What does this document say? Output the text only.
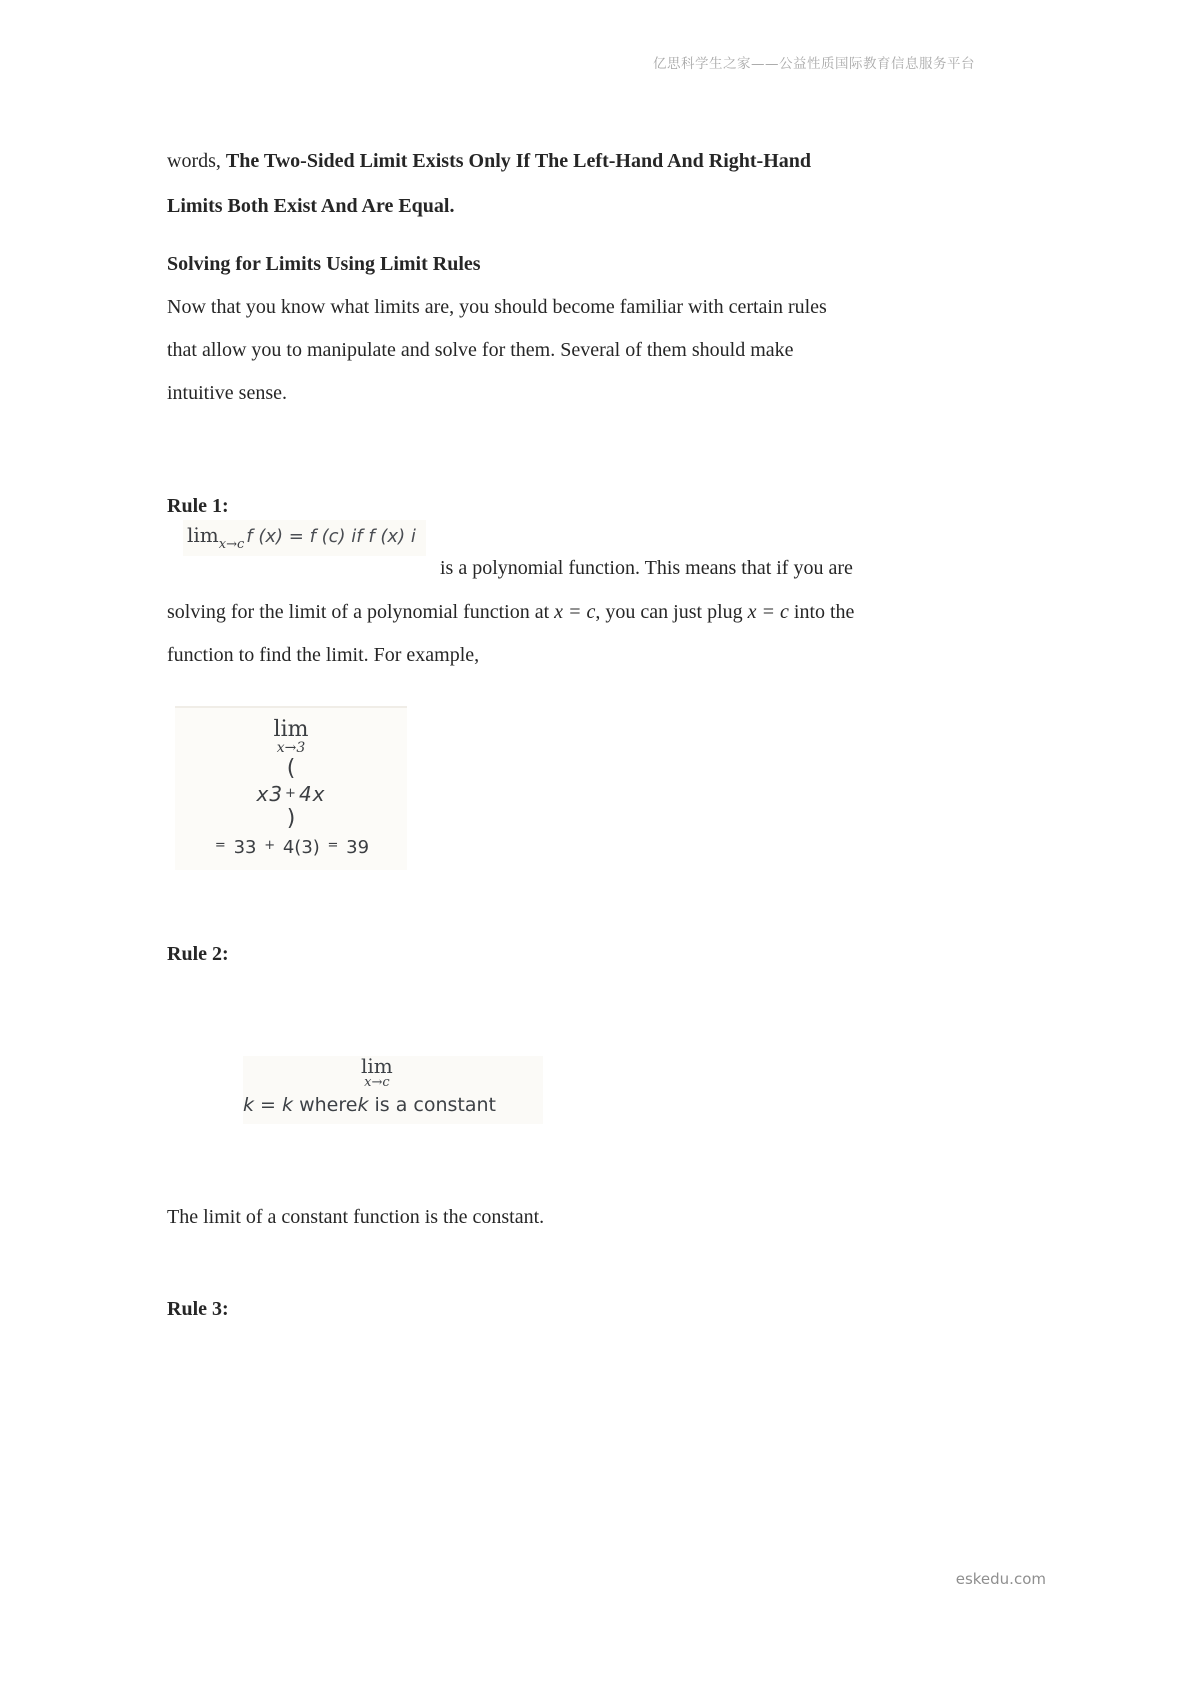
亿思科学生之家——公益性质国际教育信息服务平台
words, The Two-Sided Limit Exists Only If The Left-Hand And Right-Hand
Limits Both Exist And Are Equal.
Solving for Limits Using Limit Rules
Now that you know what limits are, you should become familiar with certain rules
that allow you to manipulate and solve for them. Several of them should make
intuitive sense.
Rule 1:
$\lim_{x\to c} f$ (x) = f (c) if f (x) i
is a polynomial function. This means that if you are
solving for the limit of a polynomial function at x = c, you can just plug x = c into the
function to find the limit. For example,
lim
x→3
(
x3 + 4x
)
= 33 + 4(3) = 39
Rule 2:
lim
x→c
k = k wherek is a constant
The limit of a constant function is the constant.
Rule 3:
eskedu.com
